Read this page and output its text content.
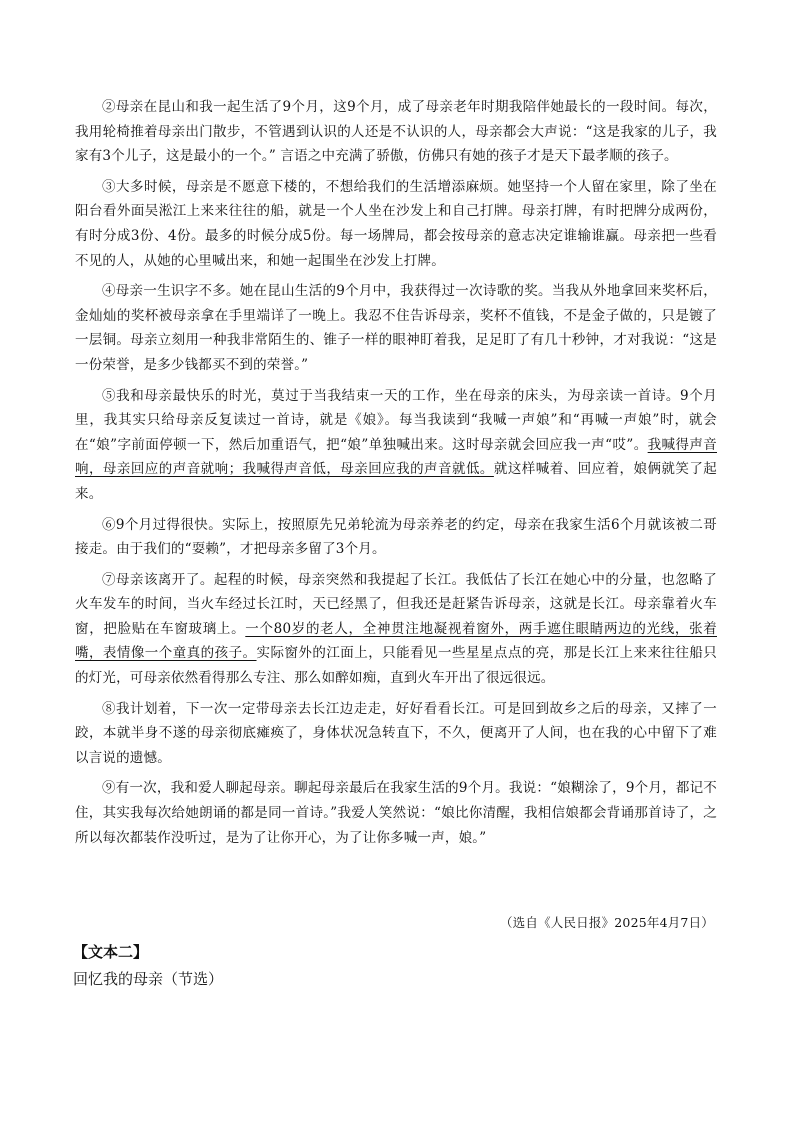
②母亲在昆山和我一起生活了9个月，这9个月，成了母亲老年时期我陪伴她最长的一段时间。每次，我用轮椅推着母亲出门散步，不管遇到认识的人还是不认识的人，母亲都会大声说：“这是我家的儿子，我家有3个儿子，这是最小的一个。” 言语之中充满了骄傲，仿佛只有她的孩子才是天下最孝顺的孩子。

③大多时候，母亲是不愿意下楼的，不想给我们的生活增添麻烦。她坚持一个人留在家里，除了坐在阳台看外面吴淞江上来来往往的船，就是一个人坐在沙发上和自己打牌。母亲打牌，有时把牌分成两份，有时分成3份、4份。最多的时候分成5份。每一场牌局，都会按母亲的意志决定谁输谁赢。母亲把一些看不见的人，从她的心里喊出来，和她一起围坐在沙发上打牌。

④母亲一生识字不多。她在昆山生活的9个月中，我获得过一次诗歌的奖。当我从外地拿回来奖杯后，金灿灿的奖杯被母亲拿在手里端详了一晚上。我忍不住告诉母亲，奖杯不值钱，不是金子做的，只是镀了一层铜。母亲立刻用一种我非常陌生的、锥子一样的眼神盯着我，足足盯了有几十秒钟，才对我说：“这是一份荣誉，是多少钱都买不到的荣誉。”

⑤我和母亲最快乐的时光，莫过于当我结束一天的工作，坐在母亲的床头，为母亲读一首诗。9个月里，我其实只给母亲反复读过一首诗，就是《娘》。每当我读到“我喊一声娘”和“再喊一声娘”时，就会在“娘”字前面停顿一下，然后加重语气，把“娘”单独喊出来。这时母亲就会回应我一声“哎”。我喊得声音响，母亲回应的声音就响；我喊得声音低，母亲回应我的声音就低。就这样喊着、回应着，娘俩就笑了起来。

⑥9个月过得很快。实际上，按照原先兄弟轮流为母亲养老的约定，母亲在我家生活6个月就该被二哥接走。由于我们的“耍赖”，才把母亲多留了3个月。

⑦母亲该离开了。起程的时候，母亲突然和我提起了长江。我低估了长江在她心中的分量，也忽略了火车发车的时间，当火车经过长江时，天已经黑了，但我还是赶紧告诉母亲，这就是长江。母亲靠着火车窗，把脸贴在车窗玻璃上。一个80岁的老人，全神贯注地凝视着窗外，两手遮住眼睛两边的光线，张着嘴，表情像一个童真的孩子。实际窗外的江面上，只能看见一些星星点点的亮，那是长江上来来往往船只的灯光，可母亲依然看得那么专注、那么如醉如痴，直到火车开出了很远很远。

⑧我计划着，下一次一定带母亲去长江边走走，好好看看长江。可是回到故乡之后的母亲，又摔了一跤，本就半身不遂的母亲彻底瘫痪了，身体状况急转直下，不久，便离开了人间，也在我的心中留下了难以言说的遗憾。

⑨有一次，我和爱人聊起母亲。聊起母亲最后在我家生活的9个月。我说：“娘糊涂了，9个月，都记不住，其实我每次给她朗诵的都是同一首诗。”我爱人笑然说：“娘比你清醒，我相信娘都会背诵那首诗了，之所以每次都装作没听过，是为了让你开心，为了让你多喊一声，娘。”

（选自《人民日报》2025年4月7日）
【文本二】
回忆我的母亲（节选）
